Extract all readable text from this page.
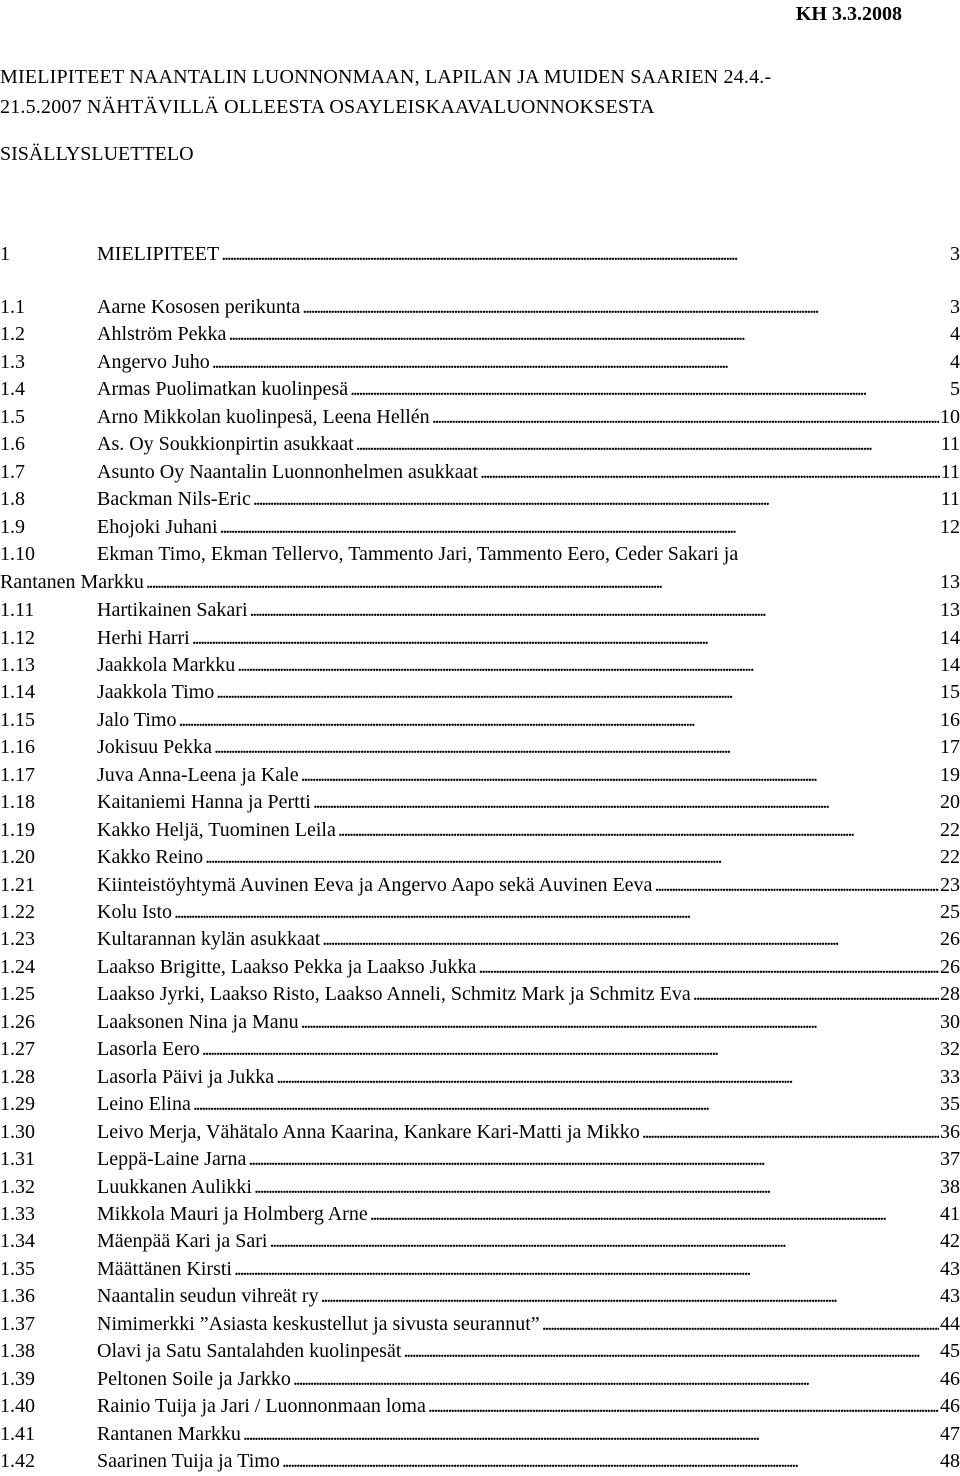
KH 3.3.2008
MIELIPITEET NAANTALIN LUONNONMAAN, LAPILAN JA MUIDEN SAARIEN 24.4.-
21.5.2007 NÄHTÄVILLÄ OLLEESTA OSAYLEISKAAVALUONNOKSESTA
SISÄLLYSLUETTELO
1	MIELIPITEET . . .	3
1.1	Aarne Kososen perikunta . . .	3
1.2	Ahlström Pekka . . .	4
1.3	Angervo Juho . . .	4
1.4	Armas Puolimatkan kuolinpesä . . .	5
1.5	Arno Mikkolan kuolinpesä, Leena Hellén . . .	10
1.6	As. Oy Soukkionpirtin asukkaat . . .	11
1.7	Asunto Oy Naantalin Luonnonhelmen asukkaat . . .	11
1.8	Backman Nils-Eric . . .	11
1.9	Ehojoki Juhani . . .	12
1.10	Ekman Timo, Ekman Tellervo, Tammento Jari, Tammento Eero, Ceder Sakari ja
Rantanen Markku . . .	13
1.11	Hartikainen Sakari . . .	13
1.12	Herhi Harri . . .	14
1.13	Jaakkola Markku . . .	14
1.14	Jaakkola Timo . . .	15
1.15	Jalo Timo . . .	16
1.16	Jokisuu Pekka . . .	17
1.17	Juva Anna-Leena ja Kale . . .	19
1.18	Kaitaniemi Hanna ja Pertti . . .	20
1.19	Kakko Heljä, Tuominen Leila . . .	22
1.20	Kakko Reino . . .	22
1.21	Kiinteistöyhtymä Auvinen Eeva ja Angervo Aapo sekä Auvinen Eeva . . .	23
1.22	Kolu Isto . . .	25
1.23	Kultarannan kylän asukkaat . . .	26
1.24	Laakso Brigitte, Laakso Pekka ja Laakso Jukka . . .	26
1.25	Laakso Jyrki, Laakso Risto, Laakso Anneli, Schmitz Mark ja Schmitz Eva . . .	28
1.26	Laaksonen Nina ja Manu . . .	30
1.27	Lasorla Eero . . .	32
1.28	Lasorla Päivi ja Jukka . . .	33
1.29	Leino Elina . . .	35
1.30	Leivo Merja, Vähätalo Anna Kaarina, Kankare Kari-Matti ja Mikko . . .	36
1.31	Leppä-Laine Jarna . . .	37
1.32	Luukkanen Aulikki . . .	38
1.33	Mikkola Mauri ja Holmberg Arne . . .	41
1.34	Mäenpää Kari ja Sari . . .	42
1.35	Määttänen Kirsti . . .	43
1.36	Naantalin seudun vihreät ry . . .	43
1.37	Nimimerkki ”Asiasta keskustellut ja sivusta seurannut” . . .	44
1.38	Olavi ja Satu Santalahden kuolinpesät . . .	45
1.39	Peltonen Soile ja Jarkko . . .	46
1.40	Rainio Tuija ja Jari / Luonnonmaan loma . . .	46
1.41	Rantanen Markku . . .	47
1.42	Saarinen Tuija ja Timo . . .	48
